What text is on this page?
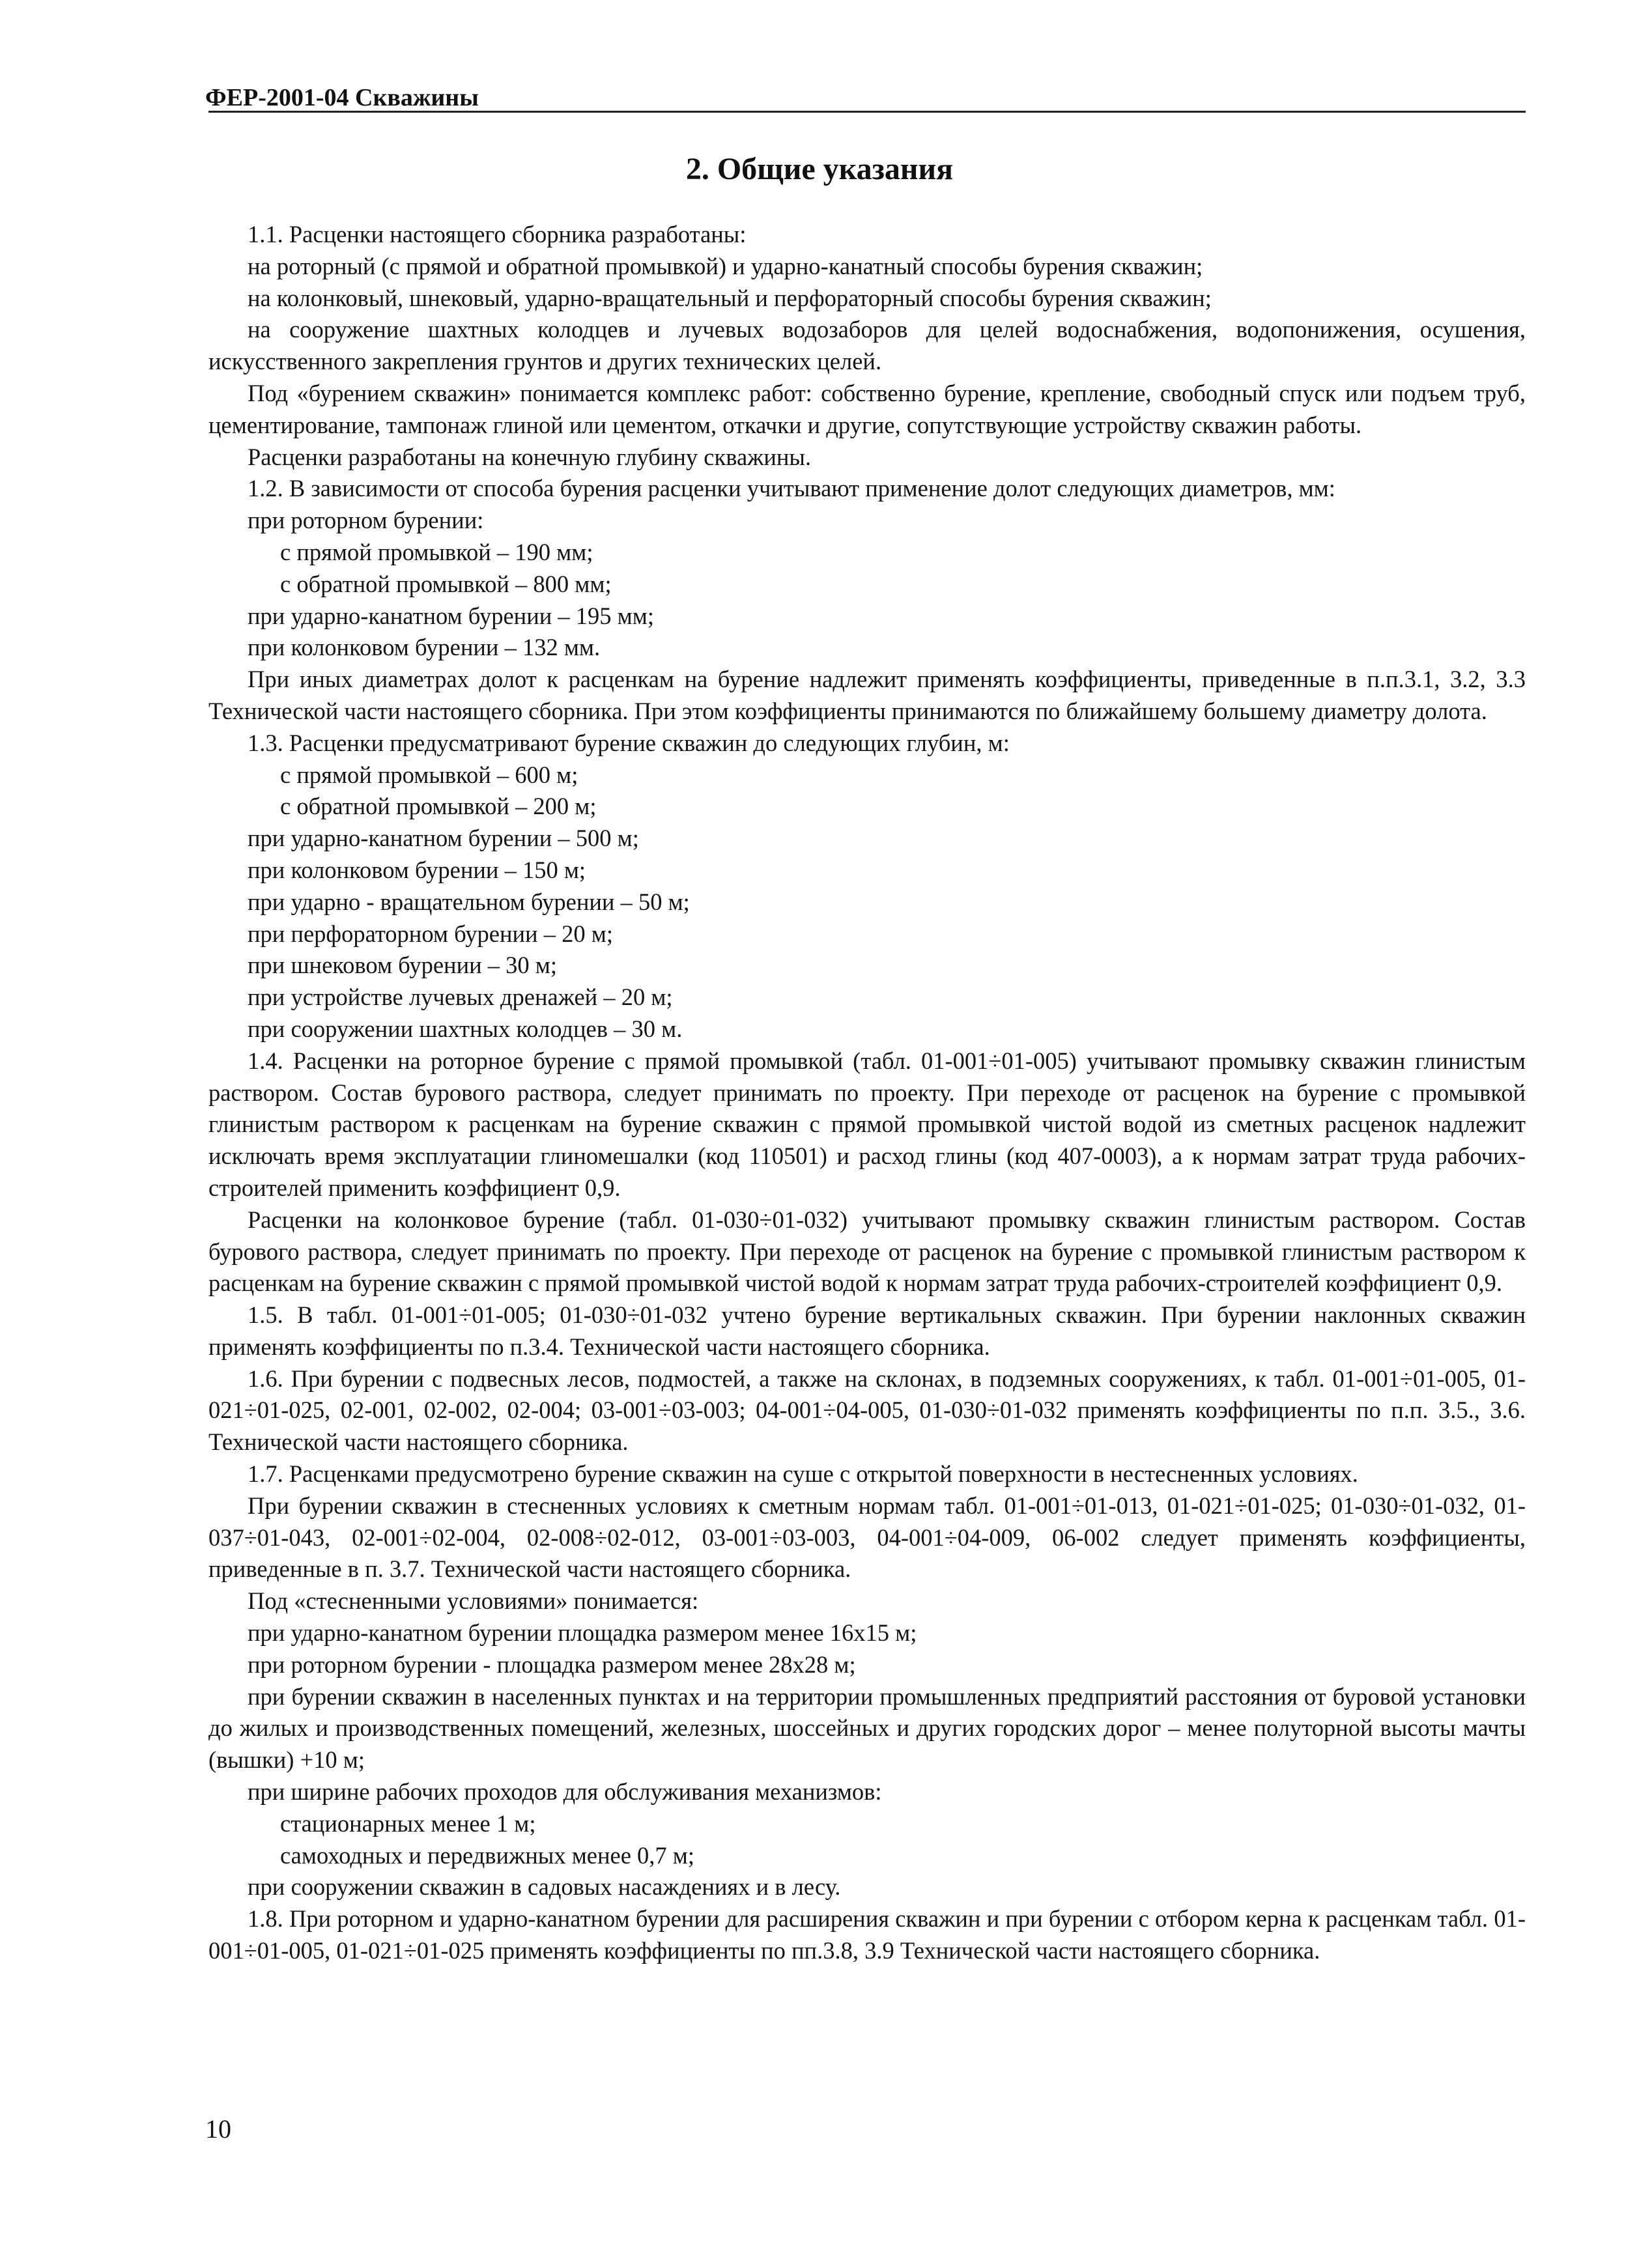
ФЕР-2001-04 Скважины
2. Общие указания

1.1. Расценки настоящего сборника разработаны:

на роторный (с прямой и обратной промывкой) и ударно-канатный способы бурения скважин;

на колонковый, шнековый, ударно-вращательный и перфораторный способы бурения скважин;

на сооружение шахтных колодцев и лучевых водозаборов для целей водоснабжения, водопонижения, осушения, искусственного закрепления грунтов и других технических целей.

Под «бурением скважин» понимается комплекс работ: собственно бурение, крепление, свободный спуск или подъем труб, цементирование, тампонаж глиной или цементом, откачки и другие, сопутствующие устройству скважин работы.

Расценки разработаны на конечную глубину скважины.

1.2. В зависимости от способа бурения расценки учитывают применение долот следующих диаметров, мм:

при роторном бурении:

с прямой промывкой – 190 мм;

с обратной промывкой – 800 мм;

при ударно-канатном бурении – 195 мм;

при колонковом бурении – 132 мм.

При иных диаметрах долот к расценкам на бурение надлежит применять коэффициенты, приведенные в п.п.3.1, 3.2, 3.3 Технической части настоящего сборника. При этом коэффициенты принимаются по ближайшему большему диаметру долота.

1.3. Расценки предусматривают бурение скважин до следующих глубин, м:

с прямой промывкой – 600 м;

с обратной промывкой – 200 м;

при ударно-канатном бурении – 500 м;

при колонковом бурении – 150 м;

при ударно - вращательном бурении – 50 м;

при перфораторном бурении – 20 м;

при шнековом бурении – 30 м;

при устройстве лучевых дренажей – 20 м;

при сооружении шахтных колодцев – 30 м.

1.4. Расценки на роторное бурение с прямой промывкой (табл. 01-001÷01-005) учитывают промывку скважин глинистым раствором. Состав бурового раствора, следует принимать по проекту. При переходе от расценок на бурение с промывкой глинистым раствором к расценкам на бурение скважин с прямой промывкой чистой водой из сметных расценок надлежит исключать время эксплуатации глиномешалки (код 110501) и расход глины (код 407-0003), а к нормам затрат труда рабочих-строителей применить коэффициент 0,9.

Расценки на колонковое бурение (табл. 01-030÷01-032) учитывают промывку скважин глинистым раствором. Состав бурового раствора, следует принимать по проекту. При переходе от расценок на бурение с промывкой глинистым раствором к расценкам на бурение скважин с прямой промывкой чистой водой к нормам затрат труда рабочих-строителей коэффициент 0,9.

1.5. В табл. 01-001÷01-005; 01-030÷01-032 учтено бурение вертикальных скважин. При бурении наклонных скважин применять коэффициенты по п.3.4. Технической части настоящего сборника.

1.6. При бурении с подвесных лесов, подмостей, а также на склонах, в подземных сооружениях, к табл. 01-001÷01-005, 01-021÷01-025, 02-001, 02-002, 02-004; 03-001÷03-003; 04-001÷04-005, 01-030÷01-032 применять коэффициенты по п.п. 3.5., 3.6. Технической части настоящего сборника.

1.7. Расценками предусмотрено бурение скважин на суше с открытой поверхности в нестесненных условиях.

При бурении скважин в стесненных условиях к сметным нормам табл. 01-001÷01-013, 01-021÷01-025; 01-030÷01-032, 01-037÷01-043, 02-001÷02-004, 02-008÷02-012, 03-001÷03-003, 04-001÷04-009, 06-002 следует применять коэффициенты, приведенные в п. 3.7. Технической части настоящего сборника.

Под «стесненными условиями» понимается:

при ударно-канатном бурении площадка размером менее 16x15 м;

при роторном бурении - площадка размером менее 28x28 м;

при бурении скважин в населенных пунктах и на территории промышленных предприятий расстояния от буровой установки до жилых и производственных помещений, железных, шоссейных и других городских дорог – менее полуторной высоты мачты (вышки) +10 м;

при ширине рабочих проходов для обслуживания механизмов:

стационарных менее 1 м;

самоходных и передвижных менее 0,7 м;

при сооружении скважин в садовых насаждениях и в лесу.

1.8. При роторном и ударно-канатном бурении для расширения скважин и при бурении с отбором керна к расценкам табл. 01-001÷01-005, 01-021÷01-025 применять коэффициенты по пп.3.8, 3.9 Технической части настоящего сборника.

10
